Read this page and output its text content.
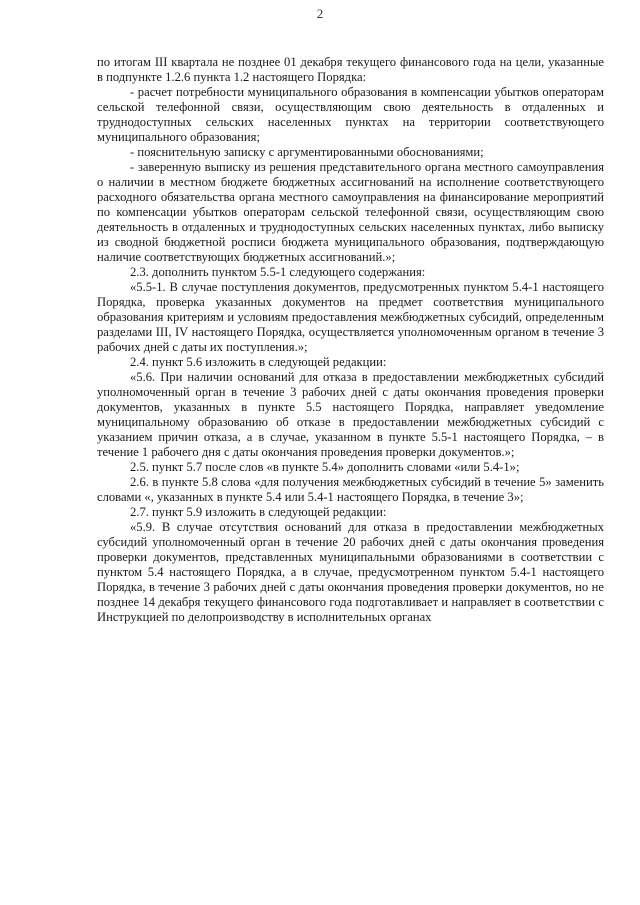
2

по итогам III квартала не позднее 01 декабря текущего финансового года на цели, указанные в подпункте 1.2.6 пункта 1.2 настоящего Порядка:

- расчет потребности муниципального образования в компенсации убытков операторам сельской телефонной связи, осуществляющим свою деятельность в отдаленных и труднодоступных сельских населенных пунктах на территории соответствующего муниципального образования;

- пояснительную записку с аргументированными обоснованиями;

- заверенную выписку из решения представительного органа местного самоуправления о наличии в местном бюджете бюджетных ассигнований на исполнение соответствующего расходного обязательства органа местного самоуправления на финансирование мероприятий по компенсации убытков операторам сельской телефонной связи, осуществляющим свою деятельность в отдаленных и труднодоступных сельских населенных пунктах, либо выписку из сводной бюджетной росписи бюджета муниципального образования, подтверждающую наличие соответствующих бюджетных ассигнований.»;

2.3. дополнить пунктом 5.5-1 следующего содержания:

«5.5-1. В случае поступления документов, предусмотренных пунктом 5.4-1 настоящего Порядка, проверка указанных документов на предмет соответствия муниципального образования критериям и условиям предоставления межбюджетных субсидий, определенным разделами III, IV настоящего Порядка, осуществляется уполномоченным органом в течение 3 рабочих дней с даты их поступления.»;

2.4. пункт 5.6 изложить в следующей редакции:

«5.6. При наличии оснований для отказа в предоставлении межбюджетных субсидий уполномоченный орган в течение 3 рабочих дней с даты окончания проведения проверки документов, указанных в пункте 5.5 настоящего Порядка, направляет уведомление муниципальному образованию об отказе в предоставлении межбюджетных субсидий с указанием причин отказа, а в случае, указанном в пункте 5.5-1 настоящего Порядка, – в течение 1 рабочего дня с даты окончания проведения проверки документов.»;

2.5. пункт 5.7 после слов «в пункте 5.4» дополнить словами «или 5.4-1»;

2.6. в пункте 5.8 слова «для получения межбюджетных субсидий в течение 5» заменить словами «, указанных в пункте 5.4 или 5.4-1 настоящего Порядка, в течение 3»;

2.7. пункт 5.9 изложить в следующей редакции:

«5.9. В случае отсутствия оснований для отказа в предоставлении межбюджетных субсидий уполномоченный орган в течение 20 рабочих дней с даты окончания проведения проверки документов, представленных муниципальными образованиями в соответствии с пунктом 5.4 настоящего Порядка, а в случае, предусмотренном пунктом 5.4-1 настоящего Порядка, в течение 3 рабочих дней с даты окончания проведения проверки документов, но не позднее 14 декабря текущего финансового года подготавливает и направляет в соответствии с Инструкцией по делопроизводству в исполнительных органах
